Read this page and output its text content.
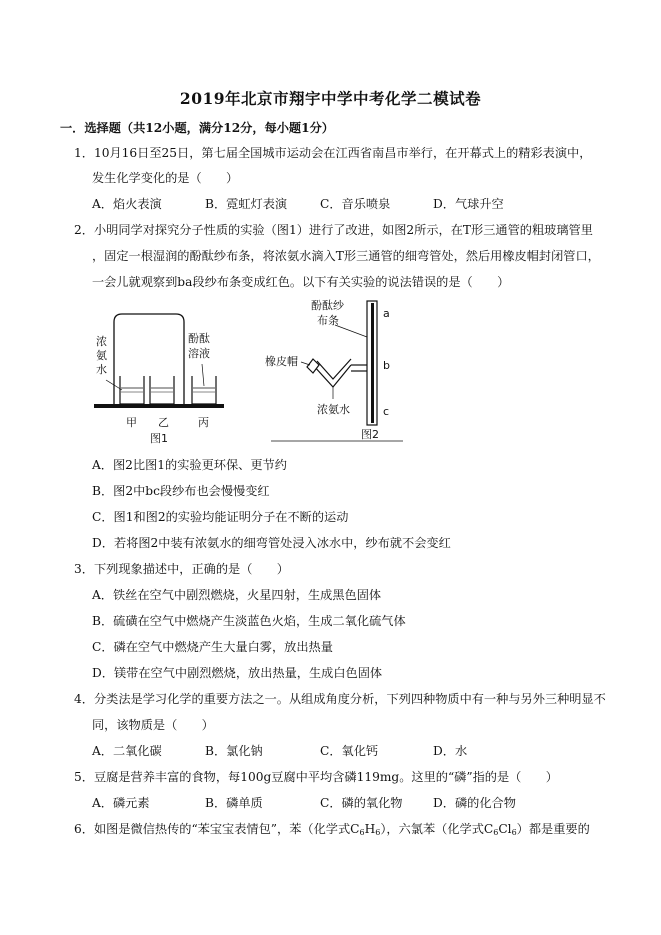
2019年北京市翔宇中学中考化学二模试卷
一．选择题（共12小题，满分12分，每小题1分）
1．10月16日至25日，第七届全国城市运动会在江西省南昌市举行，在开幕式上的精彩表演中，
发生化学变化的是（　　）
A．焰火表演	B．霓虹灯表演	C．音乐喷泉	D．气球升空
2．小明同学对探究分子性质的实验（图1）进行了改进，如图2所示，在T形三通管的粗玻璃管里
，固定一根湿润的酚酞纱布条，将浓氨水滴入T形三通管的细弯管处，然后用橡皮帽封闭管口，
一会儿就观察到ba段纱布条变成红色。以下有关实验的说法错误的是（　　）
浓
氨
水
酚酞
溶液
甲 乙	丙
图1
酚酞纱
布条
橡皮帽
浓氨水
a
b
c
图2
A．图2比图1的实验更环保、更节约
B．图2中bc段纱布也会慢慢变红
C．图1和图2的实验均能证明分子在不断的运动
D．若将图2中装有浓氨水的细弯管处浸入冰水中，纱布就不会变红
3．下列现象描述中，正确的是（　　）
A．铁丝在空气中剧烈燃烧，火星四射，生成黑色固体
B．硫磺在空气中燃烧产生淡蓝色火焰，生成二氧化硫气体
C．磷在空气中燃烧产生大量白雾，放出热量
D．镁带在空气中剧烈燃烧，放出热量，生成白色固体
4．分类法是学习化学的重要方法之一。从组成角度分析，下列四种物质中有一种与另外三种明显不
同，该物质是（　　）
A．二氧化碳	B．氯化钠	C．氧化钙	D．水
5．豆腐是营养丰富的食物，每100g豆腐中平均含磷119mg。这里的“磷”指的是（　　）
A．磷元素	B．磷单质	C．磷的氧化物	D．磷的化合物
6．如图是微信热传的“苯宝宝表情包”，苯（化学式$C_6H_6$），六氯苯（化学式$C_6Cl_6$）都是重要的
